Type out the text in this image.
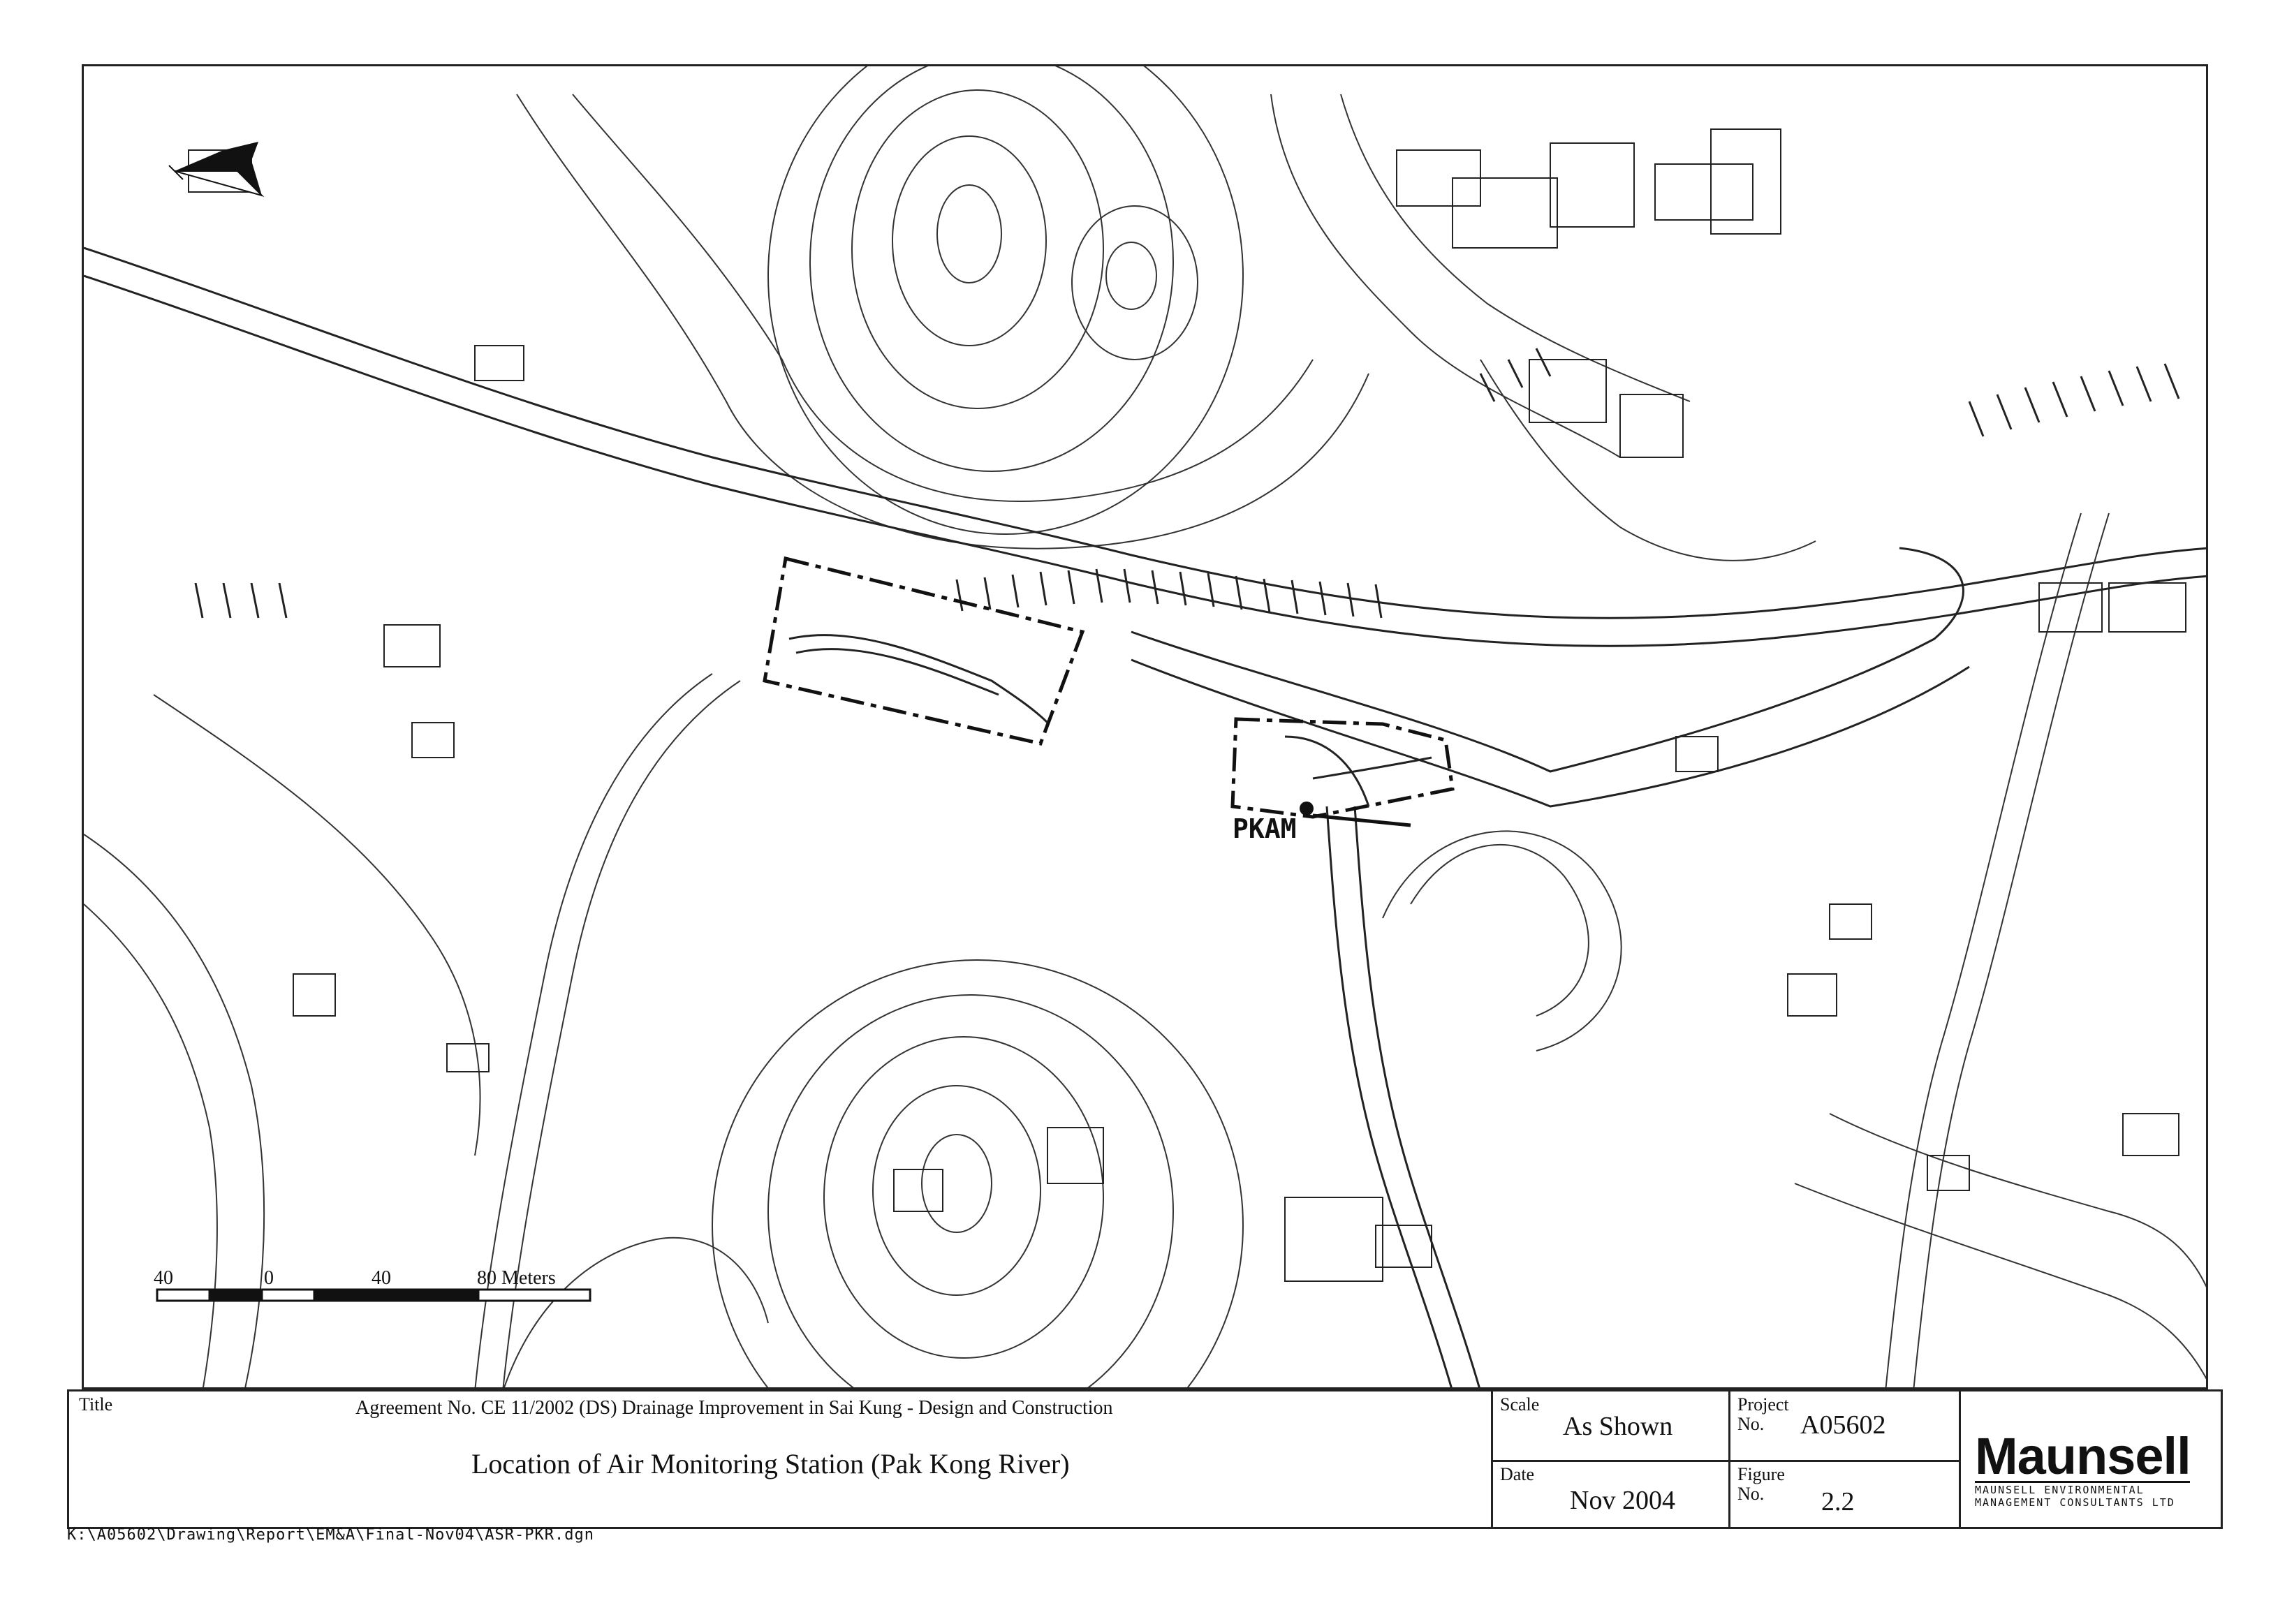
PKAM
40	0	40	80 Meters
Title	Agreement No. CE 11/2002 (DS) Drainage Improvement in Sai Kung - Design and Construction
Location of Air Monitoring Station (Pak Kong River)
Scale
As Shown
Date
Nov 2004
Project
No. A05602
Figure
No. 2.2
Maunsell
MAUNSELL ENVIRONMENTAL
MANAGEMENT CONSULTANTS LTD
K:\A05602\Drawing\Report\EM&A\Final-Nov04\ASR-PKR.dgn
